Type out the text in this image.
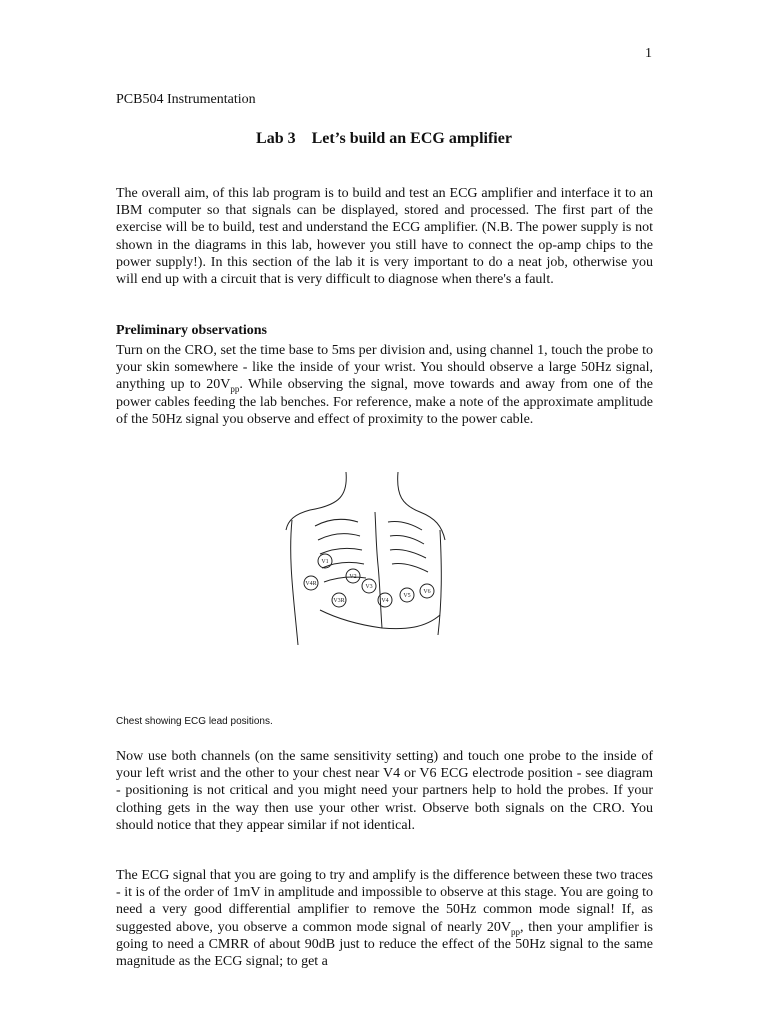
1
PCB504 Instrumentation
Lab 3 Let’s build an ECG amplifier

The overall aim, of this lab program is to build and test an ECG amplifier and interface it to an IBM computer so that signals can be displayed, stored and processed. The first part of the exercise will be to build, test and understand the ECG amplifier. (N.B. The power supply is not shown in the diagrams in this lab, however you still have to connect the op-amp chips to the power supply!). In this section of the lab it is very important to do a neat job, otherwise you will end up with a circuit that is very difficult to diagnose when there's a fault.

Preliminary observations

Turn on the CRO, set the time base to 5ms per division and, using channel 1, touch the probe to your skin somewhere - like the inside of your wrist. You should observe a large 50Hz signal, anything up to $20V_{pp}$. While observing the signal, move towards and away from one of the power cables feeding the lab benches. For reference, make a note of the approximate amplitude of the 50Hz signal you observe and effect of proximity to the power cable.

V1
V2
V3
V4
V5
V6
V4R
V3R
Chest showing ECG lead positions.

Now use both channels (on the same sensitivity setting) and touch one probe to the inside of your left wrist and the other to your chest near V4 or V6 ECG electrode position - see diagram - positioning is not critical and you might need your partners help to hold the probes. If your clothing gets in the way then use your other wrist. Observe both signals on the CRO. You should notice that they appear similar if not identical.

The ECG signal that you are going to try and amplify is the difference between these two traces - it is of the order of 1mV in amplitude and impossible to observe at this stage. You are going to need a very good differential amplifier to remove the 50Hz common mode signal! If, as suggested above, you observe a common mode signal of nearly $20V_{pp}$, then your amplifier is going to need a CMRR of about 90dB just to reduce the effect of the 50Hz signal to the same magnitude as the ECG signal; to get a
